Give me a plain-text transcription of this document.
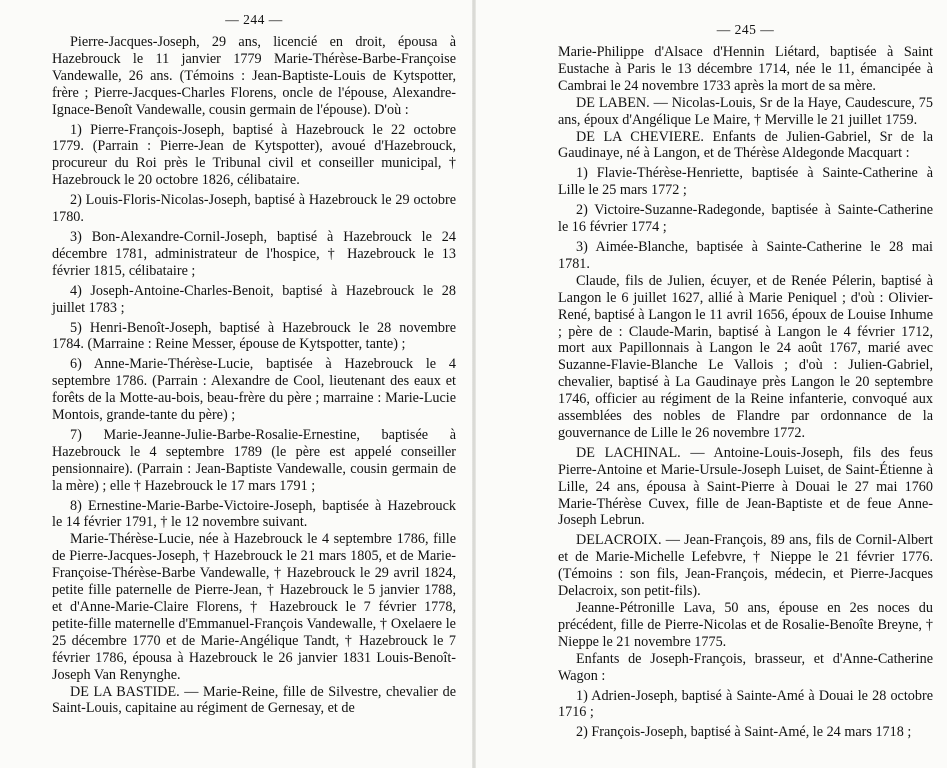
— 244 —

Pierre-Jacques-Joseph, 29 ans, licencié en droit, épousa à Hazebrouck le 11 janvier 1779 Marie-Thérèse-Barbe-Françoise Vandewalle, 26 ans. (Témoins : Jean-Baptiste-Louis de Kytspotter, frère ; Pierre-Jacques-Charles Florens, oncle de l'épouse, Alexandre-Ignace-Benoît Vandewalle, cousin germain de l'épouse). D'où :

1) Pierre-François-Joseph, baptisé à Hazebrouck le 22 octobre 1779. (Parrain : Pierre-Jean de Kytspotter), avoué d'Hazebrouck, procureur du Roi près le Tribunal civil et conseiller municipal, † Hazebrouck le 20 octobre 1826, célibataire.

2) Louis-Floris-Nicolas-Joseph, baptisé à Hazebrouck le 29 octobre 1780.

3) Bon-Alexandre-Cornil-Joseph, baptisé à Hazebrouck le 24 décembre 1781, administrateur de l'hospice, † Hazebrouck le 13 février 1815, célibataire ;

4) Joseph-Antoine-Charles-Benoit, baptisé à Hazebrouck le 28 juillet 1783 ;

5) Henri-Benoît-Joseph, baptisé à Hazebrouck le 28 novembre 1784. (Marraine : Reine Messer, épouse de Kytspotter, tante) ;

6) Anne-Marie-Thérèse-Lucie, baptisée à Hazebrouck le 4 septembre 1786. (Parrain : Alexandre de Cool, lieutenant des eaux et forêts de la Motte-au-bois, beau-frère du père ; marraine : Marie-Lucie Montois, grande-tante du père) ;

7) Marie-Jeanne-Julie-Barbe-Rosalie-Ernestine, baptisée à Hazebrouck le 4 septembre 1789 (le père est appelé conseiller pensionnaire). (Parrain : Jean-Baptiste Vandewalle, cousin germain de la mère) ; elle † Hazebrouck le 17 mars 1791 ;

8) Ernestine-Marie-Barbe-Victoire-Joseph, baptisée à Hazebrouck le 14 février 1791, † le 12 novembre suivant.

Marie-Thérèse-Lucie, née à Hazebrouck le 4 septembre 1786, fille de Pierre-Jacques-Joseph, † Hazebrouck le 21 mars 1805, et de Marie-Françoise-Thérèse-Barbe Vandewalle, † Hazebrouck le 29 avril 1824, petite fille paternelle de Pierre-Jean, † Hazebrouck le 5 janvier 1788, et d'Anne-Marie-Claire Florens, † Hazebrouck le 7 février 1778, petite-fille maternelle d'Emmanuel-François Vandewalle, † Oxelaere le 25 décembre 1770 et de Marie-Angélique Tandt, † Hazebrouck le 7 février 1786, épousa à Hazebrouck le 26 janvier 1831 Louis-Benoît-Joseph Van Renynghe.

DE LA BASTIDE. — Marie-Reine, fille de Silvestre, chevalier de Saint-Louis, capitaine au régiment de Gernesay, et de

— 245 —

Marie-Philippe d'Alsace d'Hennin Liétard, baptisée à Saint Eustache à Paris le 13 décembre 1714, née le 11, émancipée à Cambrai le 24 novembre 1733 après la mort de sa mère.

DE LABEN. — Nicolas-Louis, Sr de la Haye, Caudescure, 75 ans, époux d'Angélique Le Maire, † Merville le 21 juillet 1759.

DE LA CHEVIERE. Enfants de Julien-Gabriel, Sr de la Gaudinaye, né à Langon, et de Thérèse Aldegonde Macquart :

1) Flavie-Thérèse-Henriette, baptisée à Sainte-Catherine à Lille le 25 mars 1772 ;

2) Victoire-Suzanne-Radegonde, baptisée à Sainte-Catherine le 16 février 1774 ;

3) Aimée-Blanche, baptisée à Sainte-Catherine le 28 mai 1781.

Claude, fils de Julien, écuyer, et de Renée Pélerin, baptisé à Langon le 6 juillet 1627, allié à Marie Peniquel ; d'où : Olivier-René, baptisé à Langon le 11 avril 1656, époux de Louise Inhume ; père de : Claude-Marin, baptisé à Langon le 4 février 1712, mort aux Papillonnais à Langon le 24 août 1767, marié avec Suzanne-Flavie-Blanche Le Vallois ; d'où : Julien-Gabriel, chevalier, baptisé à La Gaudinaye près Langon le 20 septembre 1746, officier au régiment de la Reine infanterie, convoqué aux assemblées des nobles de Flandre par ordonnance de la gouvernance de Lille le 26 novembre 1772.

DE LACHINAL. — Antoine-Louis-Joseph, fils des feus Pierre-Antoine et Marie-Ursule-Joseph Luiset, de Saint-Étienne à Lille, 24 ans, épousa à Saint-Pierre à Douai le 27 mai 1760 Marie-Thérèse Cuvex, fille de Jean-Baptiste et de feue Anne-Joseph Lebrun.

DELACROIX. — Jean-François, 89 ans, fils de Cornil-Albert et de Marie-Michelle Lefebvre, † Nieppe le 21 février 1776. (Témoins : son fils, Jean-François, médecin, et Pierre-Jacques Delacroix, son petit-fils).

Jeanne-Pétronille Lava, 50 ans, épouse en 2es noces du précédent, fille de Pierre-Nicolas et de Rosalie-Benoîte Breyne, † Nieppe le 21 novembre 1775.

Enfants de Joseph-François, brasseur, et d'Anne-Catherine Wagon :

1) Adrien-Joseph, baptisé à Sainte-Amé à Douai le 28 octobre 1716 ;

2) François-Joseph, baptisé à Saint-Amé, le 24 mars 1718 ;
